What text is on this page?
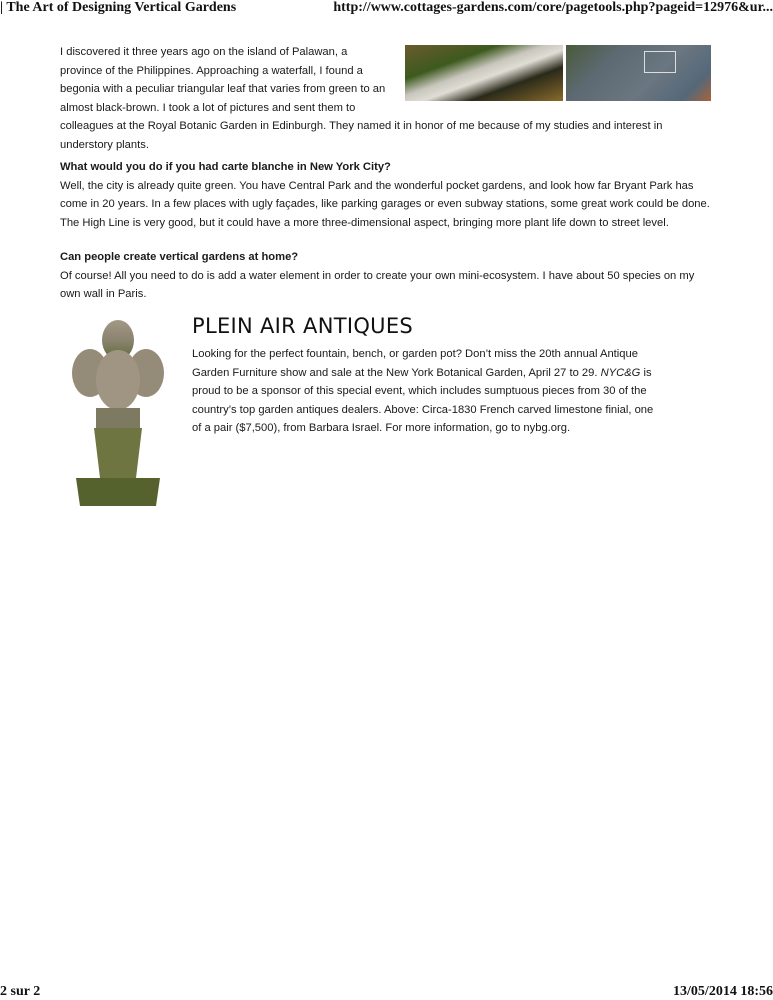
| The Art of Designing Vertical Gardens	http://www.cottages-gardens.com/core/pagetools.php?pageid=12976&ur...
I discovered it three years ago on the island of Palawan, a
province of the Philippines. Approaching a waterfall, I found a
begonia with a peculiar triangular leaf that varies from green to an
almost black-brown. I took a lot of pictures and sent them to
colleagues at the Royal Botanic Garden in Edinburgh. They named it in honor of me because of my studies and interest in
understory plants.
What would you do if you had carte blanche in New York City?
Well, the city is already quite green. You have Central Park and the wonderful pocket gardens, and look how far Bryant Park has come in 20 years. In a few places with ugly façades, like parking garages or even subway stations, some great work could be done. The High Line is very good, but it could have a more three-dimensional aspect, bringing more plant life down to street level.
Can people create vertical gardens at home?
Of course! All you need to do is add a water element in order to create your own mini-ecosystem. I have about 50 species on my own wall in Paris.
PLEIN AIR ANTIQUES
Looking for the perfect fountain, bench, or garden pot? Don’t miss the 20th annual Antique Garden Furniture show and sale at the New York Botanical Garden, April 27 to 29. NYC&G is proud to be a sponsor of this special event, which includes sumptuous pieces from 30 of the country’s top garden antiques dealers. Above: Circa-1830 French carved limestone finial, one of a pair ($7,500), from Barbara Israel. For more information, go to nybg.org.
2 sur 2	13/05/2014 18:56
